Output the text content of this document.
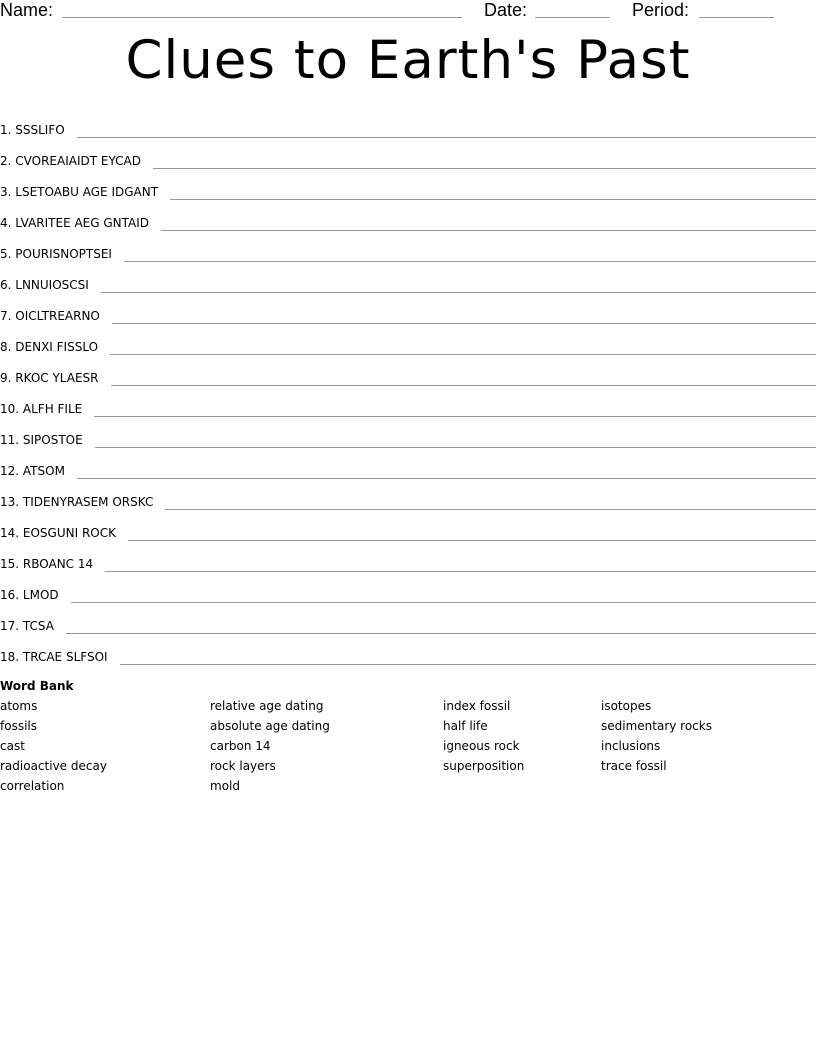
Name:	Date:	Period:
Clues to Earth's Past
1. SSSLIFO
2. CVOREAIAIDT EYCAD
3. LSETOABU AGE IDGANT
4. LVARITEE AEG GNTAID
5. POURISNOPTSEI
6. LNNUIOSCSI
7. OICLTREARNO
8. DENXI FISSLO
9. RKOC YLAESR
10. ALFH FILE
11. SIPOSTOE
12. ATSOM
13. TIDENYRASEM ORSKC
14. EOSGUNI ROCK
15. RBOANC 14
16. LMOD
17. TCSA
18. TRCAE SLFSOI
Word Bank
atoms
fossils
cast
radioactive decay
correlation
relative age dating
absolute age dating
carbon 14
rock layers
mold
index fossil
half life
igneous rock
superposition
isotopes
sedimentary rocks
inclusions
trace fossil
